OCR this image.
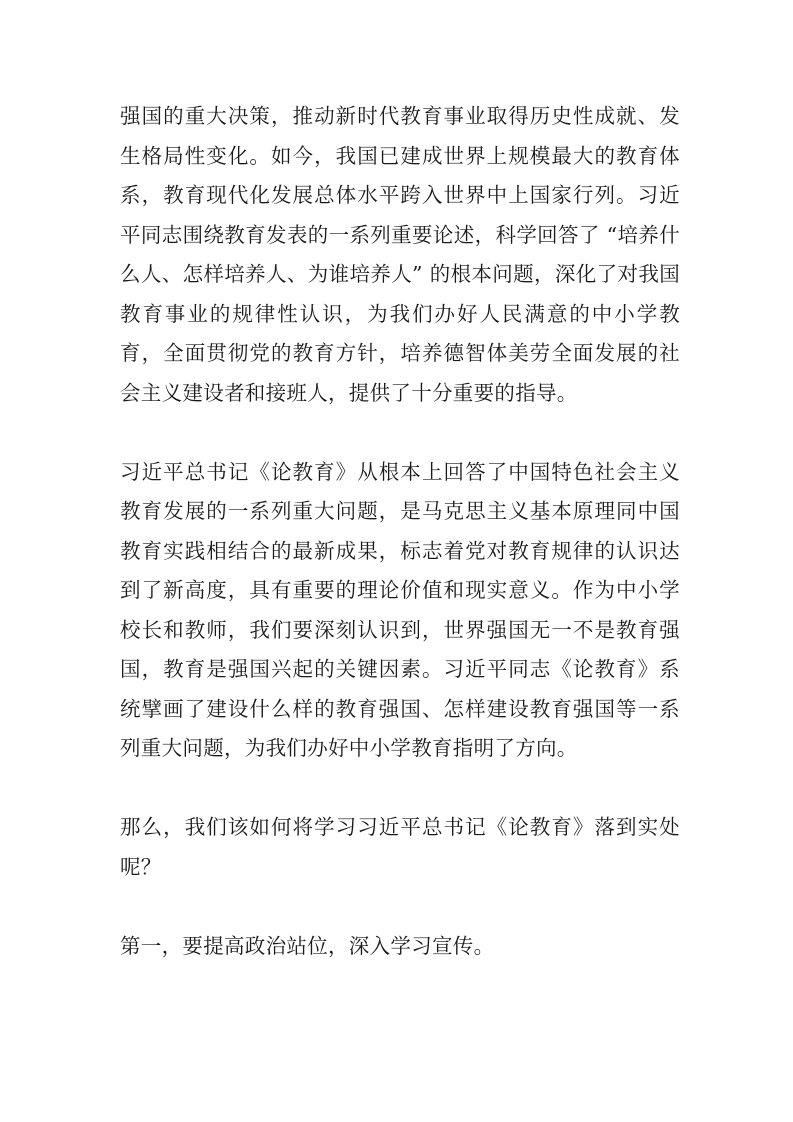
强国的重大决策，推动新时代教育事业取得历史性成就、发生格局性变化。如今，我国已建成世界上规模最大的教育体系，教育现代化发展总体水平跨入世界中上国家行列。习近平同志围绕教育发表的一系列重要论述，科学回答了 “培养什么人、怎样培养人、为谁培养人” 的根本问题，深化了对我国教育事业的规律性认识，为我们办好人民满意的中小学教育，全面贯彻党的教育方针，培养德智体美劳全面发展的社会主义建设者和接班人，提供了十分重要的指导。

习近平总书记《论教育》从根本上回答了中国特色社会主义教育发展的一系列重大问题，是马克思主义基本原理同中国教育实践相结合的最新成果，标志着党对教育规律的认识达到了新高度，具有重要的理论价值和现实意义。作为中小学校长和教师，我们要深刻认识到，世界强国无一不是教育强国，教育是强国兴起的关键因素。习近平同志《论教育》系统擘画了建设什么样的教育强国、怎样建设教育强国等一系列重大问题，为我们办好中小学教育指明了方向。

那么，我们该如何将学习习近平总书记《论教育》落到实处呢？

第一，要提高政治站位，深入学习宣传。
